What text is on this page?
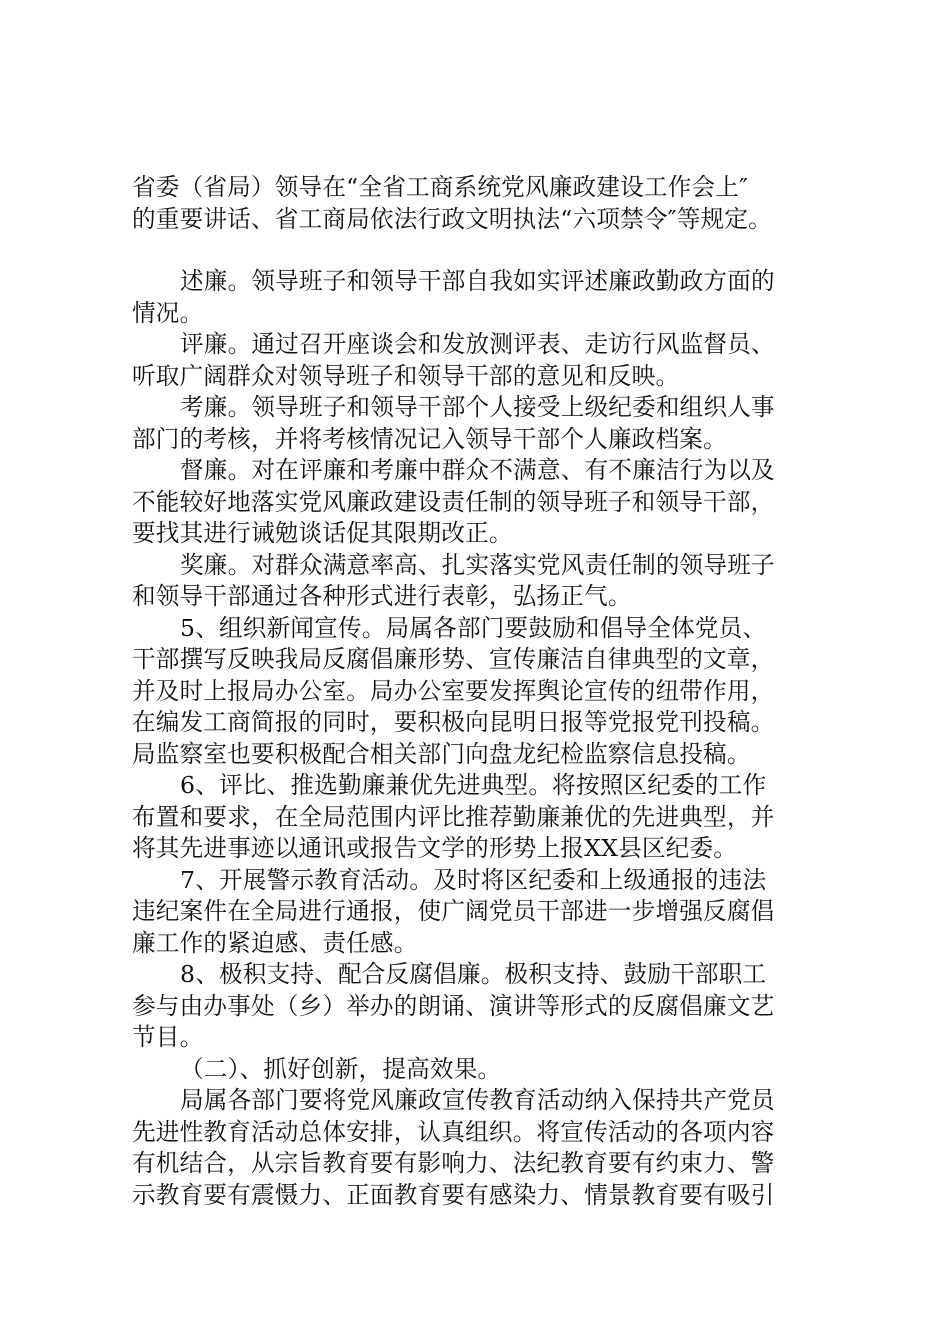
省委（省局）领导在“全省工商系统党风廉政建设工作会上″
的重要讲话、省工商局依法行政文明执法“六项禁令″等规定。
述廉。领导班子和领导干部自我如实评述廉政勤政方面的
情况。
评廉。通过召开座谈会和发放测评表、走访行风监督员、
听取广阔群众对领导班子和领导干部的意见和反映。
考廉。领导班子和领导干部个人接受上级纪委和组织人事
部门的考核，并将考核情况记入领导干部个人廉政档案。
督廉。对在评廉和考廉中群众不满意、有不廉洁行为以及
不能较好地落实党风廉政建设责任制的领导班子和领导干部，
要找其进行诫勉谈话促其限期改正。
奖廉。对群众满意率高、扎实落实党风责任制的领导班子
和领导干部通过各种形式进行表彰，弘扬正气。
5、组织新闻宣传。局属各部门要鼓励和倡导全体党员、
干部撰写反映我局反腐倡廉形势、宣传廉洁自律典型的文章，
并及时上报局办公室。局办公室要发挥舆论宣传的纽带作用，
在编发工商简报的同时，要积极向昆明日报等党报党刊投稿。
局监察室也要积极配合相关部门向盘龙纪检监察信息投稿。
6、评比、推选勤廉兼优先进典型。将按照区纪委的工作
布置和要求，在全局范围内评比推荐勤廉兼优的先进典型，并
将其先进事迹以通讯或报告文学的形势上报XX县区纪委。
7、开展警示教育活动。及时将区纪委和上级通报的违法
违纪案件在全局进行通报，使广阔党员干部进一步增强反腐倡
廉工作的紧迫感、责任感。
8、极积支持、配合反腐倡廉。极积支持、鼓励干部职工
参与由办事处（乡）举办的朗诵、演讲等形式的反腐倡廉文艺
节目。
（二）、抓好创新，提高效果。
局属各部门要将党风廉政宣传教育活动纳入保持共产党员
先进性教育活动总体安排，认真组织。将宣传活动的各项内容
有机结合，从宗旨教育要有影响力、法纪教育要有约束力、警
示教育要有震慑力、正面教育要有感染力、情景教育要有吸引
